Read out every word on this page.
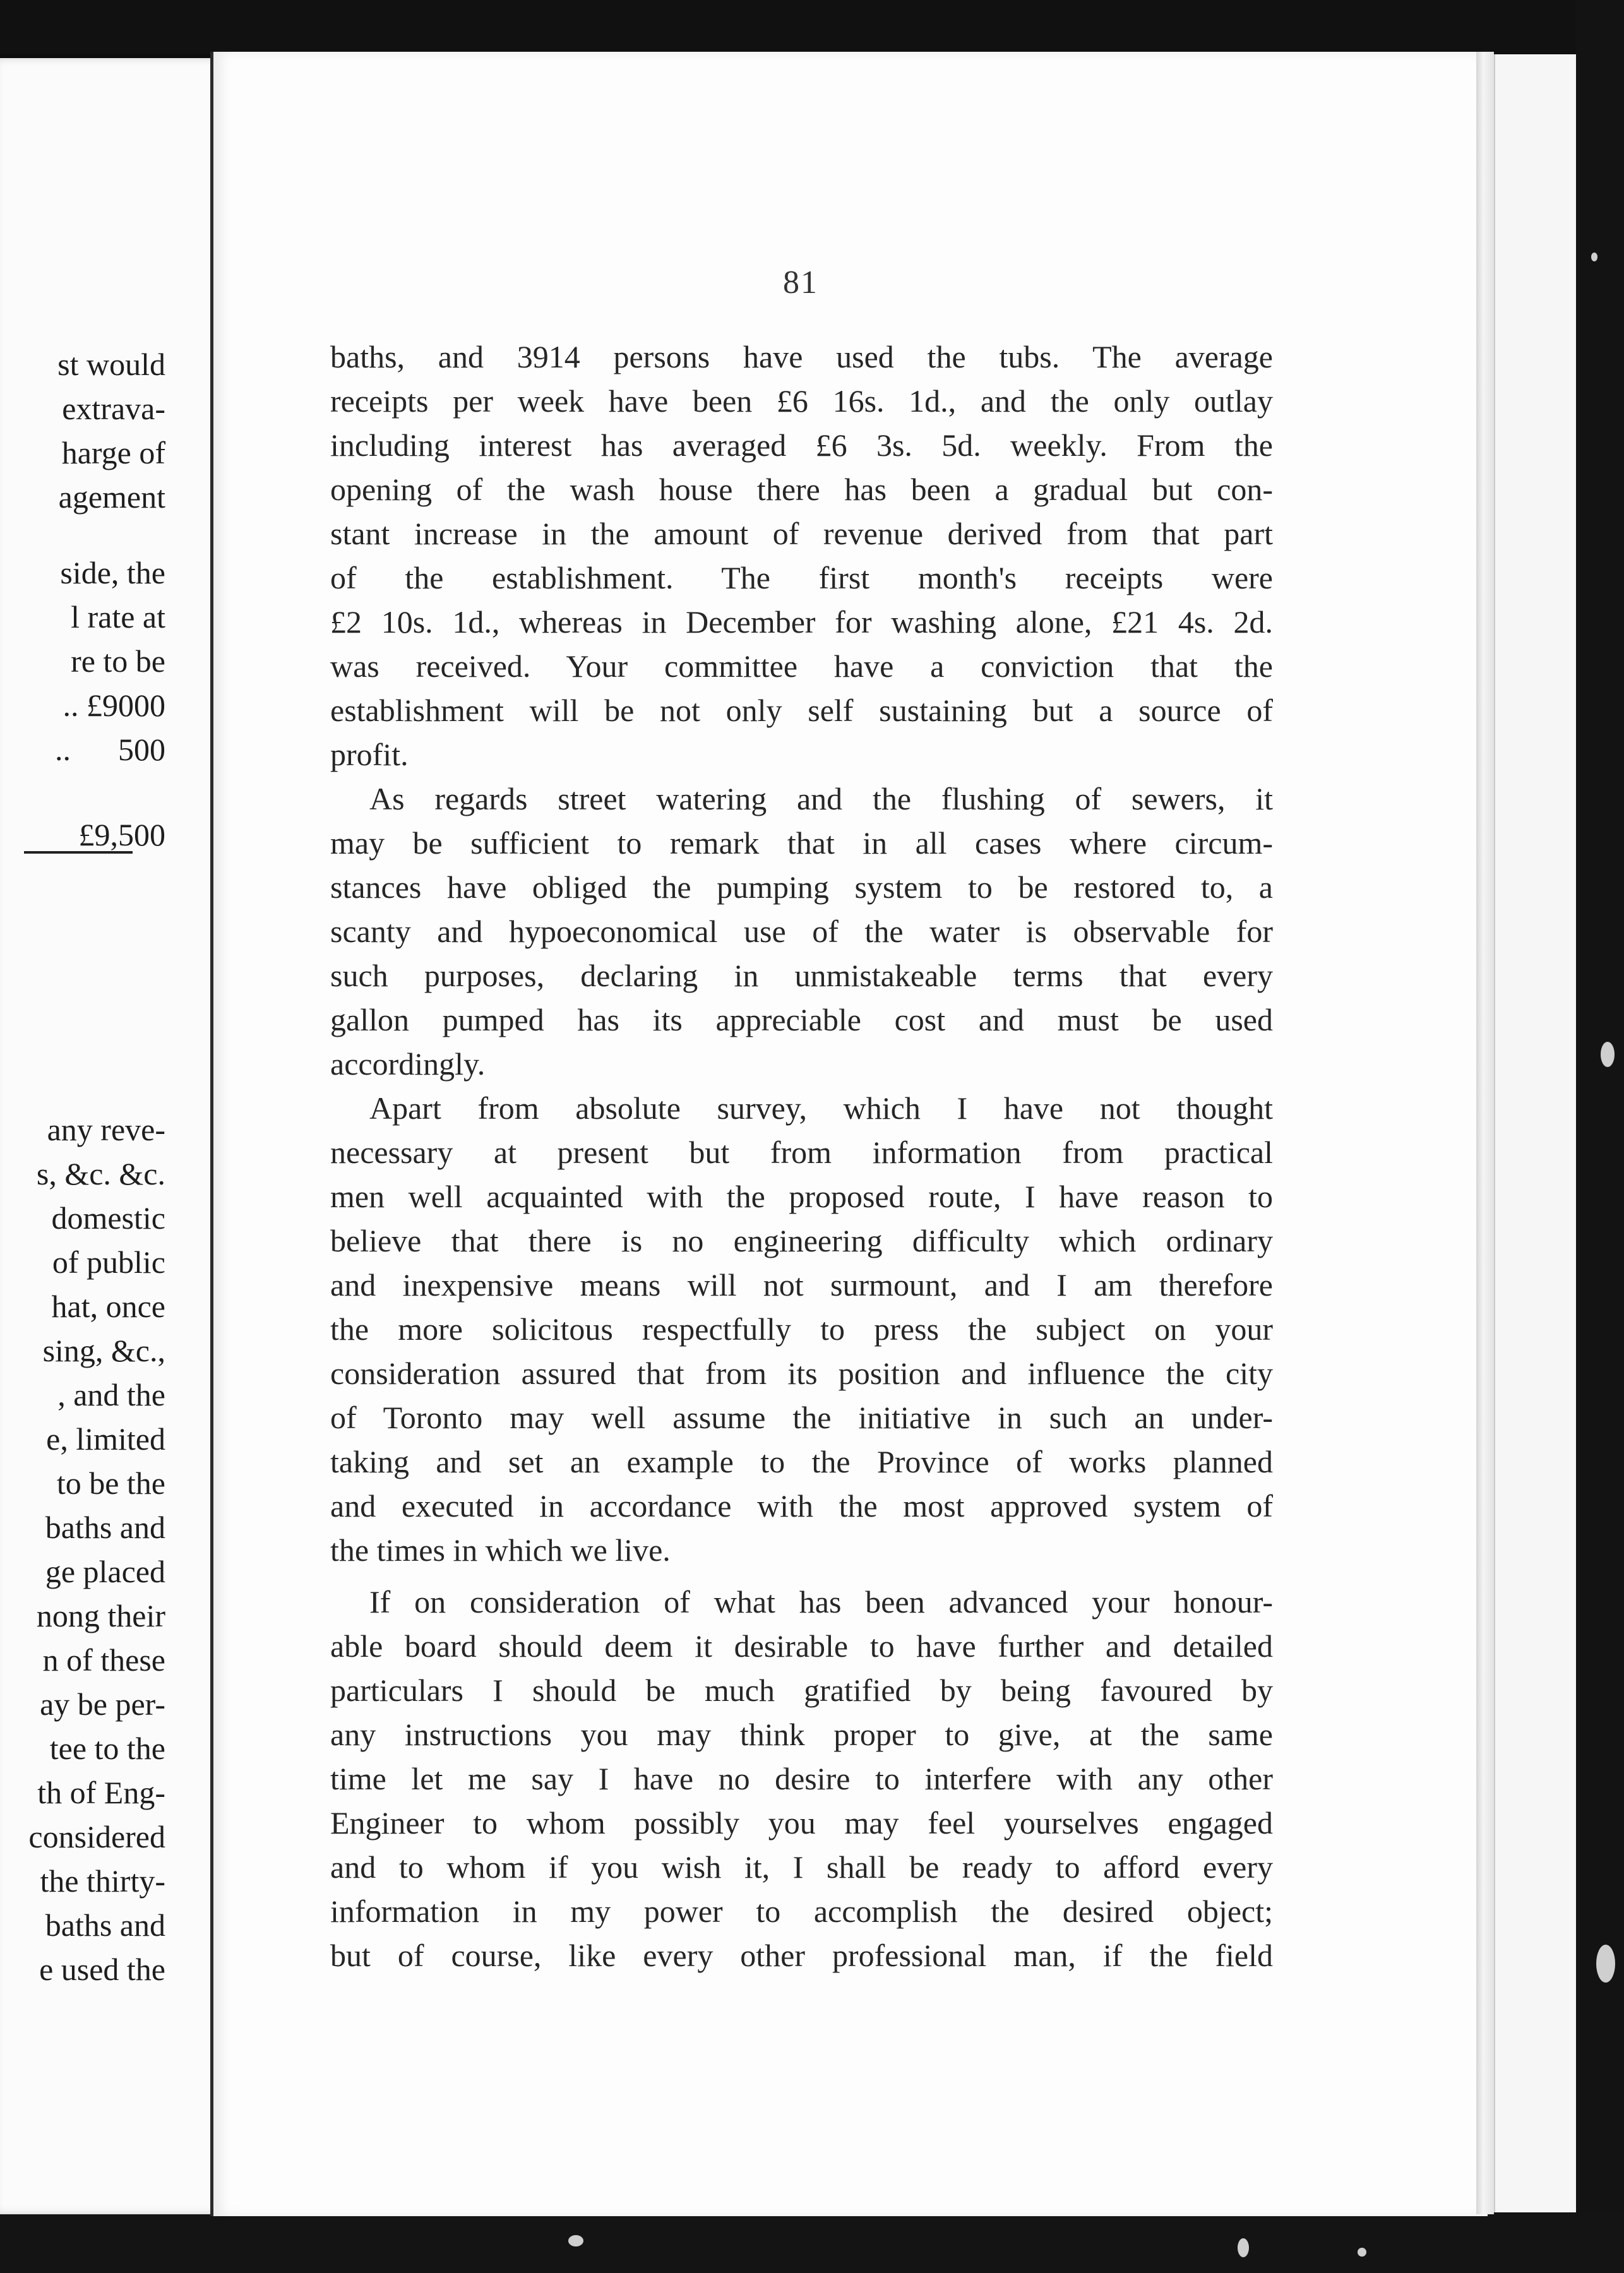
st would
extrava-
harge of
agement
side, the
l rate at
re to be
.. £9000
..      500
£9,500
any reve-
s, &c. &c.
domestic
of public
hat, once
sing, &c.,
, and the
e, limited
to be the
baths and
ge placed
nong their
n of these
ay be per-
tee to the
th of Eng-
considered
the thirty-
baths and
e used the
81
baths, and 3914 persons have used the tubs. The average
receipts per week have been £6 16s. 1d., and the only outlay
including interest has averaged £6 3s. 5d. weekly. From the
opening of the wash house there has been a gradual but con-
stant increase in the amount of revenue derived from that part
of the establishment. The first month's receipts were
£2 10s. 1d., whereas in December for washing alone, £21 4s. 2d.
was received. Your committee have a conviction that the
establishment will be not only self sustaining but a source of
profit.
As regards street watering and the flushing of sewers, it
may be sufficient to remark that in all cases where circum-
stances have obliged the pumping system to be restored to, a
scanty and hypoeconomical use of the water is observable for
such purposes, declaring in unmistakeable terms that every
gallon pumped has its appreciable cost and must be used
accordingly.
Apart from absolute survey, which I have not thought
necessary at present but from information from practical
men well acquainted with the proposed route, I have reason to
believe that there is no engineering difficulty which ordinary
and inexpensive means will not surmount, and I am therefore
the more solicitous respectfully to press the subject on your
consideration assured that from its position and influence the city
of Toronto may well assume the initiative in such an under-
taking and set an example to the Province of works planned
and executed in accordance with the most approved system of
the times in which we live.
If on consideration of what has been advanced your honour-
able board should deem it desirable to have further and detailed
particulars I should be much gratified by being favoured by
any instructions you may think proper to give, at the same
time let me say I have no desire to interfere with any other
Engineer to whom possibly you may feel yourselves engaged
and to whom if you wish it, I shall be ready to afford every
information in my power to accomplish the desired object;
but of course, like every other professional man, if the field
